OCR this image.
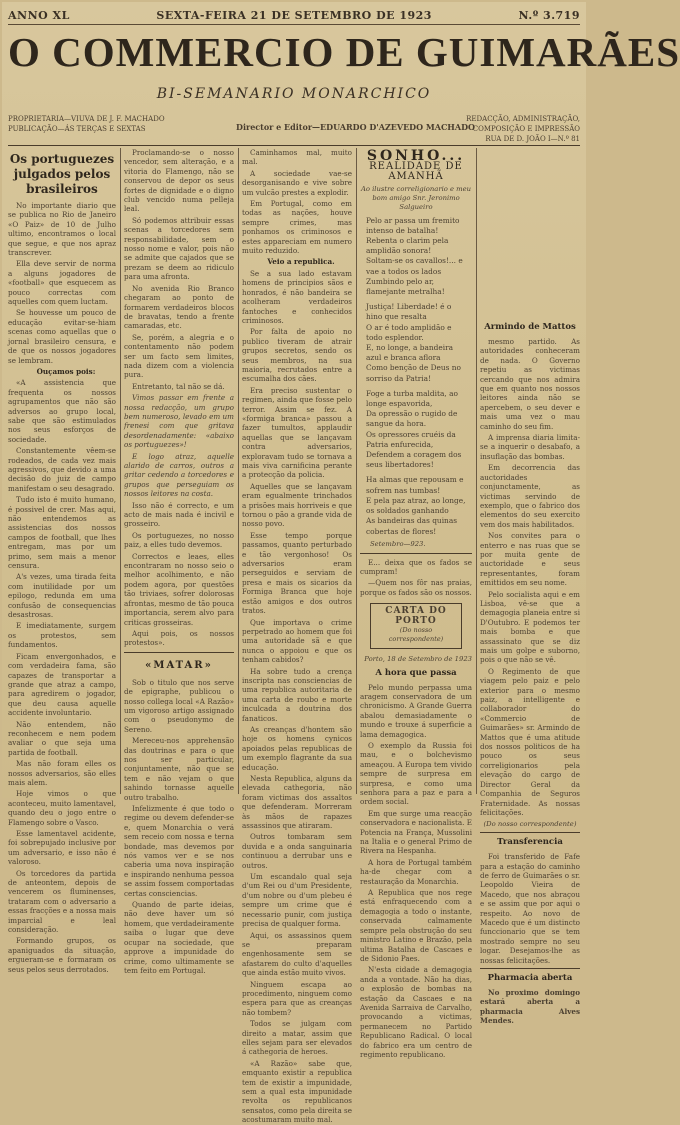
ANNO XL	SEXTA-FEIRA 21 DE SETEMBRO DE 1923	N.º 3.719
O COMMERCIO DE GUIMARÃES
BI-SEMANARIO MONARCHICO
PROPRIETARIA—VIUVA DE J. F. MACHADO
PUBLICAÇÃO—ÁS TERÇAS E SEXTAS	Director e Editor—EDUARDO D'AZEVEDO MACHADO
REDACÇÃO, ADMINISTRAÇÃO, COMPOSIÇÃO E IMPRESSÃO
RUA DE D. JOÃO I—N.º 81
Os portuguezes julgados pelos brasileiros

No importante diario que se publica no Rio de Janeiro «O Paiz» de 10 de Julho ultimo, encontramos o local que segue, e que nos apraz transcrever.

Ella deve servir de norma a alguns jogadores de «football» que esquecem as pouco correctas com aquelles com quem luctam.

Se houvesse um pouco de educação evitar-se-hiam scenas como aquellas que o jornal brasileiro censura, e de que os nossos jogadores se lembram.

Ouçamos pois:

«A assistencia que frequenta os nossos agrupamentos que não são adversos ao grupo local, sabe que são estimulados nos seus esforços de sociedade.

Constantemente vêem-se rodeados, de cada vez mais agressivos, que devido a uma decisão do juiz de campo manifestam o seu desagrado.

Tudo isto é muito humano, é possivel de crer. Mas aqui, não entendemos as assistencias dos nossos campos de football, que lhes entregam, mas por um primo, sem mais a menor censura.

A's vezes, uma tirada feita com inutilidade por um epilogo, redunda em uma confusão de consequencias desastrosas.

E imediatamente, surgem os protestos, sem fundamentos.

Ficam envergonhados, e com verdadeira fama, são capazes de transportar a grande que atraz a campo, para agredirem o jogador, que deu causa aquelle accidente involuntario.

Não entendem, não reconhecem e nem podem avaliar o que seja uma partida de football.

Mas não foram elles os nossos adversarios, são elles mais alem.

Hoje vimos o que aconteceu, muito lamentavel, quando deu o jogo entre o Flamengo sobre o Vasco.

Esse lamentavel acidente, foi sobrepujado inclusive por um adversario, e isso não é valoroso.

Os torcedores da partida de anteontem, depois de vencerem os fluminenses, trataram com o adversario a essas fracções e a nossa mais imparcial e leal consideração.

Formando grupos, os apaniguados da situação, ergueram-se e formaram os seus pelos seus derrotados.

Proclamando-se o nosso vencedor, sem alteração, e a vitoria do Flamengo, não se conservou de depor os seus fortes de dignidade e o digno club vencido numa pelleja leal.

Só podemos attribuir essas scenas a torcedores sem responsabilidade, sem o nosso nome e valor, pois não se admite que cajados que se prezam se deem ao ridiculo para uma afronta.

No avenida Rio Branco chegaram ao ponto de formarem verdadeiros blocos de bravatas, tendo a frente camaradas, etc.

Se, porém, a alegria e o contentamento não podem ser um facto sem limites, nada dizem com a violencia pura.

Entretanto, tal não se dá.

Vimos passar em frente a nossa redacção, um grupo bem numeroso, levado em um frenesi com que gritava desordenadamente: «abaixo os portuguezes»!

E logo atraz, aquelle alarido de carros, outros a gritar cedendo a torcedores e grupos que perseguiam os nossos leitores na costa.

Isso não é correcto, e um acto de mais nada é incivil e grosseiro.

Os portuguezes, no nosso paiz, a elles tudo devemos.

Correctos e leaes, elles encontraram no nosso seio o melhor acolhimento, e não podem agora, por questões tão triviaes, sofrer dolorosas afrontas, mesmo de tão pouca importancia, serem alvo para criticas grosseiras.

Aqui pois, os nossos protestos».

«MATAR»

Sob o titulo que nos serve de epigraphe, publicou o nosso collega local «A Razão» um vigoroso artigo assignado com o pseudonymo de Sereno.

Mereceu-nos apprehensão das doutrinas e para o que nos ser particular, conjuntamente, não que se tem e não vejam o que sahindo tornasse aquelle outro trabalho.

Infelizmente é que todo o regime ou devem defender-se e, quem Monarchia o verá sem receio com nossa e terna bondade, mas devemos por nós vamos ver e se nos caberia uma nova inspiração e inspirando nenhuma pessoa se assim fossem comportadas certas consciencias.

Quando de parte ideias, não deve haver um só homem, que verdadeiramente saiba o lugar que deve ocupar na sociedade, que approve a impunidade do crime, como ultimamente se tem feito em Portugal.

Caminhamos mal, muito mal.

A sociedade vae-se desorganisando e vive sobre um vulcão prestes a explodir.

Em Portugal, como em todas as nações, houve sempre crimes, mas ponhamos os criminosos e estes appareciam em numero muito reduzido.

Veio a republica.

Se a sua lado estavam homens de principios sãos e honrados, é não bandeira se acolheram verdadeiros fantoches e conhecidos criminosos.

Por falta de apoio no publico tiveram de atrair grupos secretos, sendo os seus membros, na sua maioria, recrutados entre a escumalha dos cães.

Era preciso sustentar o regimen, ainda que fosse pelo terror. Assim se fez. A «formiga branca» passou a fazer tumultos, applaudir aquellas que se lançavam contra adversarios, exploravam tudo se tornava a mais viva carnificina perante a protecção da policia.

Aquelles que se lançavam eram egualmente trinchados a prisões mais horriveis e que tornou o pão a grande vida de nosso povo.

Esse tempo porque passamos, quanto perturbado e tão vergonhoso! Os adversarios eram perseguidos e serviam de presa e mais os sicarios da Formiga Branca que hoje estão amigos e dos outros tratos.

Que importava o crime perpetrado ao homem que foi uma autoridade sã e que nunca o appoiou e que os tenham cabidos?

Ha sobre tudo a crença inscripta nas consciencias de uma republica autoritaria de uma carta de roubo e morte inculcada a doutrina dos fanaticos.

As creanças d'hontem são hoje os homens cynicos apoiados pelas republicas de um exemplo flagrante da sua educação.

Nesta Republica, alguns da elevada cathegoria, não foram victimas dos assaltos que defenderam. Morreram às mãos de rapazes assassinos que atiraram.

Outros tombaram sem duvida e a onda sanguinaria continuou a derrubar uns e outros.

Um escandalo qual seja d'um Rei ou d'um Presidente, d'um nobre ou d'um plebeu é sempre um crime que é necessario punir, com justiça precisa de qualquer forma.

Aqui, os assassinos quem se preparam engenhosamente sem se afastarem do culto d'aquelles que ainda estão muito vivos.

Ninguem escapa ao procedimento, ninguem como espera para que as creanças não tombem?

Todos se julgam com direito a matar, assim que elles sejam para ser elevados á cathegoria de heroes.

«A Razão» sabe que, emquanto existir a republica tem de existir a impunidade, sem a qual esta impunidade revolta os republicanos sensatos, como pela direita se acostumaram muito mal.

SONHO...
REALIDADE DE AMANHÃ
Ao ilustre correligionario e meu bom amigo Snr. Jeronimo Salgueiro
Pelo ar passa um fremito intenso de batalha!
Rebenta o clarim pela amplidão sonora!
Soltam-se os cavallos!... e vae a todos os lados
Zumbindo pelo ar, flamejante metralha!
Justiça! Liberdade! é o hino que resalta
O ar é todo amplidão e todo esplendor.
E, no longe, a bandeira azul e branca aflora
Como benção de Deus no sorriso da Patria!
Foge a turba maldita, ao longe espavorida,
Da opressão o rugido de sangue da hora.
Os opressores cruéis da Patria enfurecida,
Defendem a coragem dos seus libertadores!
Ha almas que repousam e sofrem nas tumbas!
E pela paz atraz, ao longe, os soldados ganhando
As bandeiras das quinas cobertas de flores!
Setembro—923.

E... deixa que os fados se cumpram!

—Quem nos fôr nas praias, porque os fados são os nossos.

CARTA DO PORTO
(Do nosso correspondente)
Porto, 18 de Setembro de 1923
A hora que passa

Pelo mundo perpassa uma aragem conservadora de um chronicismo. A Grande Guerra abalou demasiadamente o mundo e trouxe á superficie a lama demagogica.

O exemplo da Russia foi mau, e o bolchevismo ameaçou. A Europa tem vivido sempre de surpresa em surpresa, e como uma senhora para a paz e para a ordem social.

Em que surge uma reacção conservadora e nacionalista. E Potencia na França, Mussolini na Italia e o general Primo de Rivera na Hespanha.

A hora de Portugal também ha-de chegar com a restauração da Monarchia.

A Republica que nos rege está enfraquecendo com a demagogia a todo o instante, conservada calmamente sempre pela obstrução do seu ministro Latino e Brazão, pela ultima Batalha de Cascaes e de Sidonio Paes.

N'esta cidade a demagogia anda a vontade. Não ha dias, o explosão de bombas na estação da Cascaes e na Avenida Sarraiva de Carvalho, provocando a victimas, permanecem no Partido Republicano Radical. O local do fabrico era um centro de regimento republicano.

Armindo de Mattos

mesmo partido. As autoridades conheceram de nada. O Governo repetiu as victimas cercando que nos admira que em quanto nos nossos leitores ainda não se apercebem, o seu dever e mais uma vez o mau caminho do seu fim.

A imprensa diaria limita-se a inquerir o desabafo, a insuflação das bombas.

Em decorrencia das auctoridades conjunctamente, as victimas servindo de exemplo, que o fabrico dos elementos do seu exercito vem dos mais habilitados.

Nos convites para o enterro e nas ruas que se por muita gente de auctoridade e seus representantes, foram emittidos em seu nome.

Pelo socialista aqui e em Lisboa, vê-se que a demagogia planeia entre si D'Outubro. E podemos ter mais bomba e que assassinato que se diz mais um golpe e suborno, pois o que não se vê.

O Regimento de que viagem pelo paiz e pelo exterior para o mesmo paiz, a intelligente e collaborador do «Commercio de Guimarães» sr. Armindo de Mattos que é uma atitude dos nossos politicos de ha pouco os seus correligionarios pela elevação do cargo de Director Geral da Companhia de Seguros Fraternidade. As nossas felicitações.

(Do nosso correspondente)
Transferencia

Foi transferido de Fafe para a estação do caminho de ferro de Guimarães o sr. Leopoldo Vieira de Macedo, que nos abraçou e se assim que por aqui o respeito. Ao novo de Macedo que é um distincto funccionario que se tem mostrado sempre no seu logar. Desejamos-lhe as nossas felicitações.

Pharmacia aberta

No proximo domingo estará aberta a pharmacia Alves Mendes.
